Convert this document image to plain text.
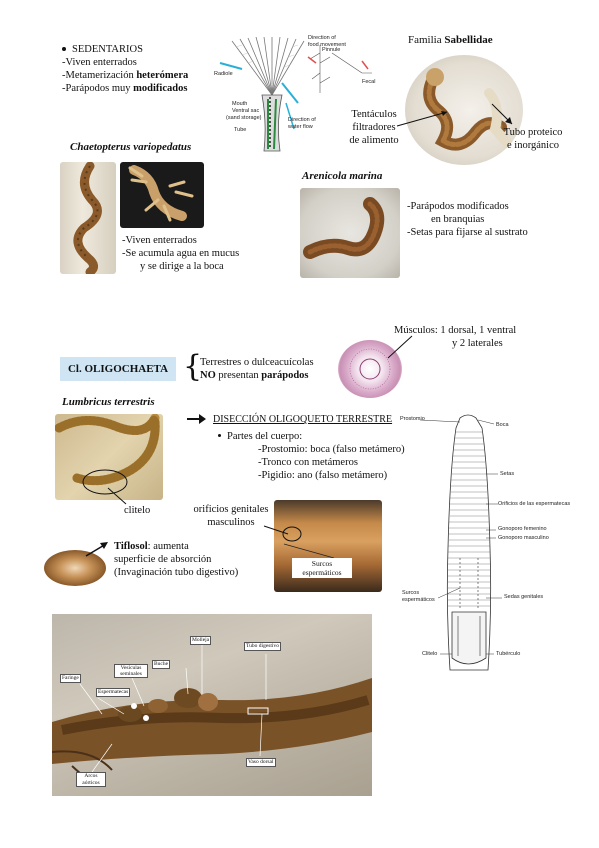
SEDENTARIOS
-Viven enterrados
-Metamerización heterómera
-Parápodos muy modificados
Direction of food movement
Pinnule
Radiole
Mouth
Ventral sac
(sand storage)
Tube
Direction of water flow
Fecal
Familia Sabellidae
Tentáculos
filtradores
de alimento
Tubo proteico
e inorgánico
Chaetopterus variopedatus
-Viven enterrados
-Se acumula agua en mucus
y se dirige a la boca
Arenicola marina
-Parápodos modificados
en branquias
-Setas para fijarse al sustrato
Cl. OLIGOCHAETA {
Terrestres o dulceacuícolas
NO presentan parápodos
Músculos: 1 dorsal, 1 ventral
y 2 laterales
Lumbricus terrestris
clitelo
DISECCIÓN OLIGOQUETO TERRESTRE
Partes del cuerpo:
-Prostomio: boca (falso metámero)
-Tronco con metámeros
-Pigidio: ano (falso metámero)
orificios genitales
masculinos
Surcos
espermáticos
Tiflosol: aumenta
superficie de absorción
(Invaginación tubo digestivo)
Prostomio
Boca
Setas
Orificios de las espermatecas
Gonoporo femenino
Gonoporo masculino
Surcos espermáticos	Sedas genitales
Clitelo	Tubérculo
Molleja
Tubo digestivo
Buche
Vesículas seminales
Faringe
Espermatecas
Vaso dorsal
Arcos aórticos
